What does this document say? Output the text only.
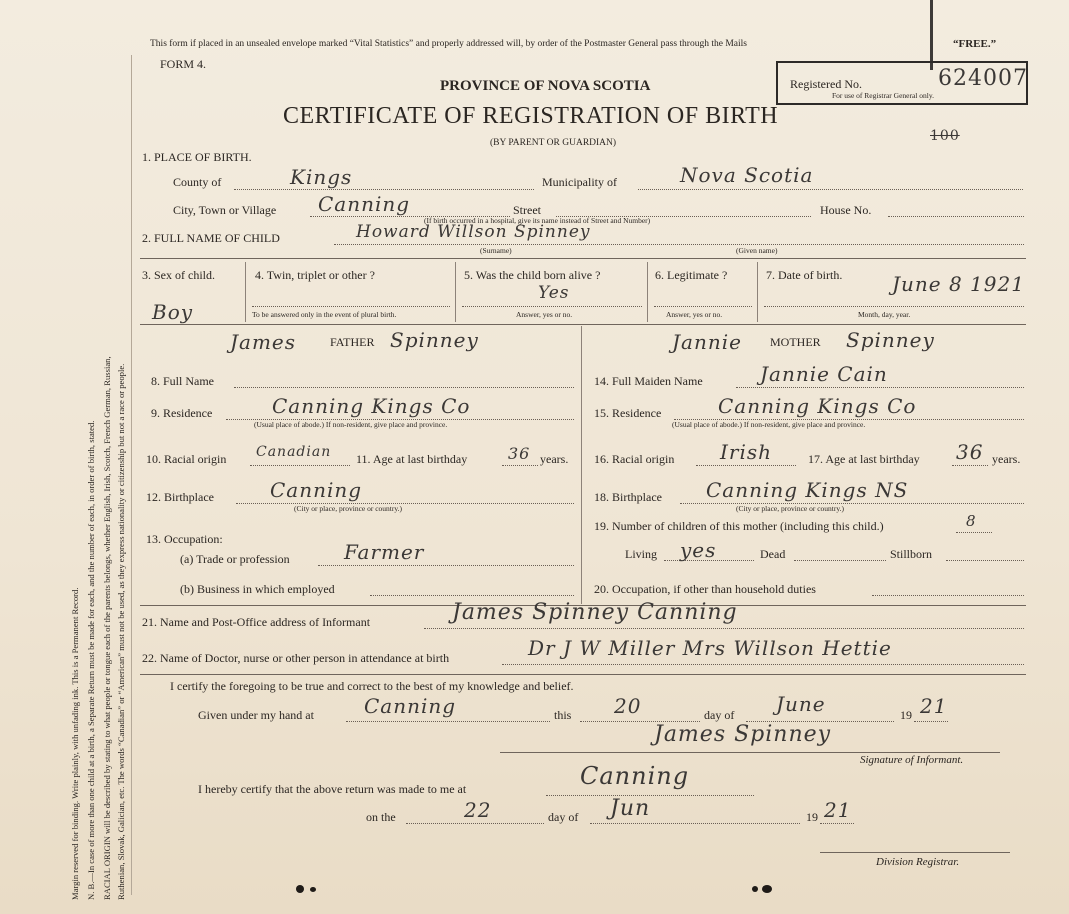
Margin reserved for binding. Write plainly, with unfading ink. This is a Permanent Record. N. B.—In case of more than one child at a birth, a Separate Return must be made for each, and the number of each, in order of birth, stated. RACIAL ORIGIN will be described by stating to what people or tongue each of the parents belongs, whether English, Irish, Scotch, French German, Russian, Ruthenian, Slovak, Galician, etc. The words “Canadian” or “American” must not be used, as they express nationality or citizenship but not a race or people.
This form if placed in an unsealed envelope marked “Vital Statistics” and properly addressed will, by order of the Postmaster General pass through the Mails	“FREE.”
FORM 4.
PROVINCE OF NOVA SCOTIA
CERTIFICATE OF REGISTRATION OF BIRTH
(BY PARENT OR GUARDIAN)
Registered No.	624007
For use of Registrar General only.
100
1. PLACE OF BIRTH.
County of	Kings	Municipality of	Nova Scotia
City, Town or Village Canning	Street	House No.
(If birth occurred in a hospital, give its name instead of Street and Number)
2. FULL NAME OF CHILD	Howard Willson Spinney
(Surname)	(Given name)
3. Sex of child.
Boy
4. Twin, triplet or other ?
To be answered only in the event of plural birth.
5. Was the child born alive ?
Yes
Answer, yes or no.
6. Legitimate ?
Answer, yes or no.
7. Date of birth. June 8 1921
Month, day, year.
James	FATHER Spinney
8. Full Name
9. Residence	Canning Kings Co
(Usual place of abode.) If non-resident, give place and province.
10. Racial origin Canadian 11. Age at last birthday	36 years.
12. Birthplace	Canning
(City or place, province or country.)
13. Occupation:
(a) Trade or profession	Farmer
(b) Business in which employed
Jannie MOTHER Spinney
14. Full Maiden Name	Jannie Cain
15. Residence	Canning Kings Co
(Usual place of abode.) If non-resident, give place and province.
16. Racial origin Irish	17. Age at last birthday 36 years.
18. Birthplace Canning Kings NS
(City or place, province or country.)
19. Number of children of this mother (including this child.)	8
Living yes	Dead	Stillborn
20. Occupation, if other than household duties
21. Name and Post-Office address of Informant	James Spinney Canning
22. Name of Doctor, nurse or other person in attendance at birth	Dr J W Miller Mrs Willson Hettie
I certify the foregoing to be true and correct to the best of my knowledge and belief.
Given under my hand at	Canning	this 20	day of June	19 21
James Spinney
Signature of Informant.
I hereby certify that the above return was made to me at	Canning
on the	22	day of Jun	19 21
Division Registrar.
